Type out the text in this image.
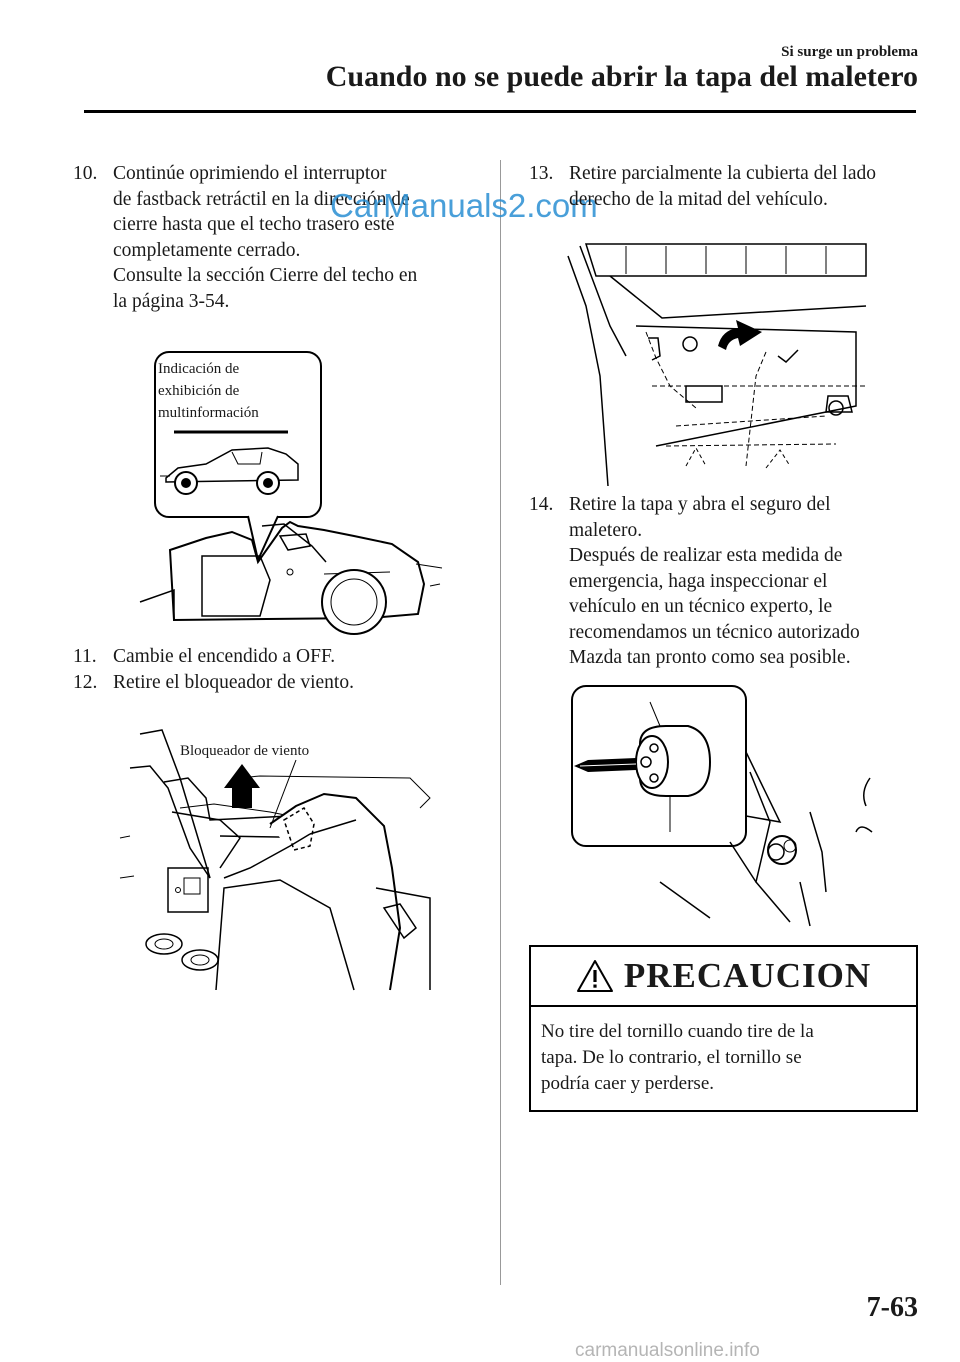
Si surge un problema
Cuando no se puede abrir la tapa del maletero
10. Continúe oprimiendo el interruptor
de fastback retráctil en la dirección de
cierre hasta que el techo trasero esté
completamente cerrado.
Consulte la sección Cierre del techo en
la página 3-54.
CarManuals2.com
Indicación de
exhibición de
multinformación
11. Cambie el encendido a OFF.
12. Retire el bloqueador de viento.
Bloqueador de viento
13. Retire parcialmente la cubierta del lado
derecho de la mitad del vehículo.
14. Retire la tapa y abra el seguro del
maletero.
Después de realizar esta medida de
emergencia, haga inspeccionar el
vehículo en un técnico experto, le
recomendamos un técnico autorizado
Mazda tan pronto como sea posible.
PRECAUCION
No tire del tornillo cuando tire de la
tapa. De lo contrario, el tornillo se
podría caer y perderse.
7-63
carmanualsonline.info
